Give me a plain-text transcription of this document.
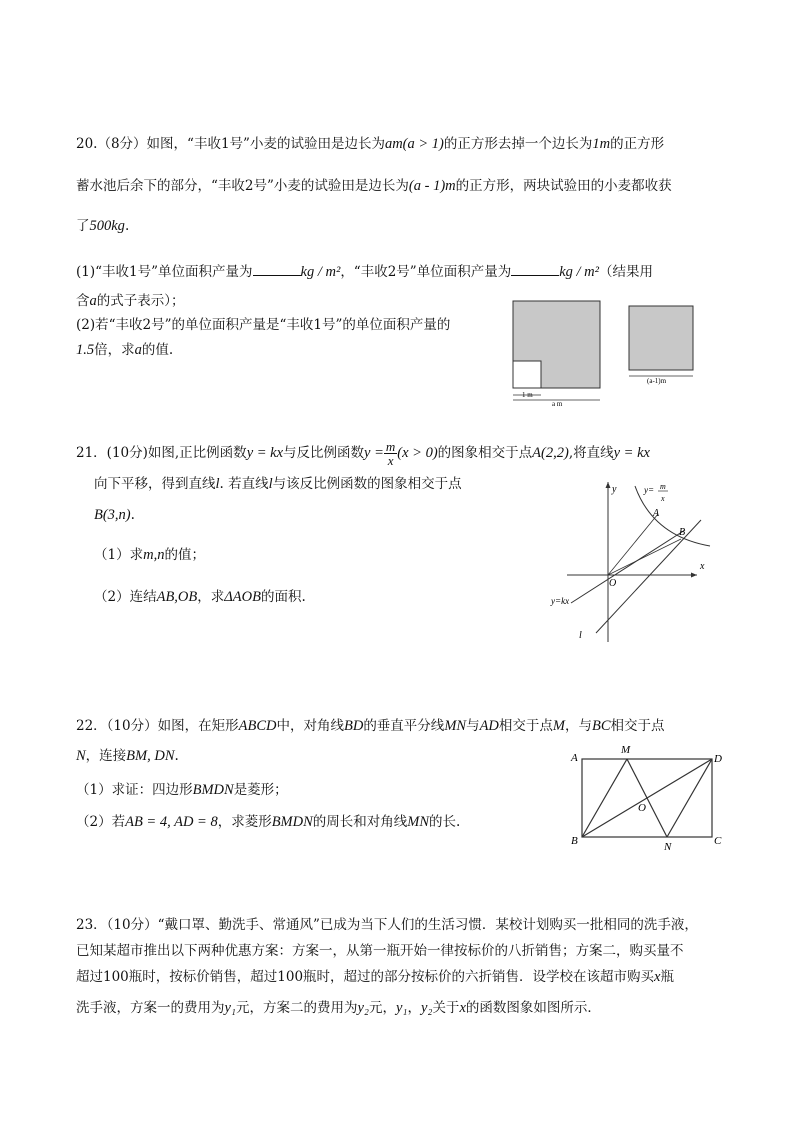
20.（8分）如图，“丰收1号”小麦的试验田是边长为am(a > 1)的正方形去掉一个边长为1m的正方形
蓄水池后余下的部分，“丰收2号”小麦的试验田是边长为(a - 1)m的正方形，两块试验田的小麦都收获
了500kg.
(1)“丰收1号”单位面积产量为	kg / m²，“丰收2号”单位面积产量为	kg / m²（结果用
含a的式子表示）；
(2)若“丰收2号”的单位面积产量是“丰收1号”的单位面积产量的
1.5倍，求a的值.
1 m
a m
(a-1)m
21．(10分)如图,正比例函数y = kx与反比例函数$y = \frac{m}{x} (x > 0)$的图象相交于点A(2,2),将直线y = kx
向下平移，得到直线l. 若直线l与该反比例函数的图象相交于点
B(3,n).
（1）求m,n的值；
（2）连结AB,OB，求ΔAOB的面积.
x
y
O
A
B
y= m
x
y=kx
l
22．（10分）如图，在矩形ABCD中，对角线BD的垂直平分线MN与AD相交于点M，与BC相交于点
N，连接BM, DN.
（1）求证：四边形BMDN是菱形；
（2）若AB = 4, AD = 8，求菱形BMDN的周长和对角线MN的长.
A
M
D
O
B	N	C
23．（10分）“戴口罩、勤洗手、常通风”已成为当下人们的生活习惯．某校计划购买一批相同的洗手液，
已知某超市推出以下两种优惠方案：方案一，从第一瓶开始一律按标价的八折销售；方案二，购买量不
超过100瓶时，按标价销售，超过100瓶时，超过的部分按标价的六折销售．设学校在该超市购买x瓶
洗手液，方案一的费用为y₁元，方案二的费用为y₂元，y₁，y₂关于x的函数图象如图所示．
